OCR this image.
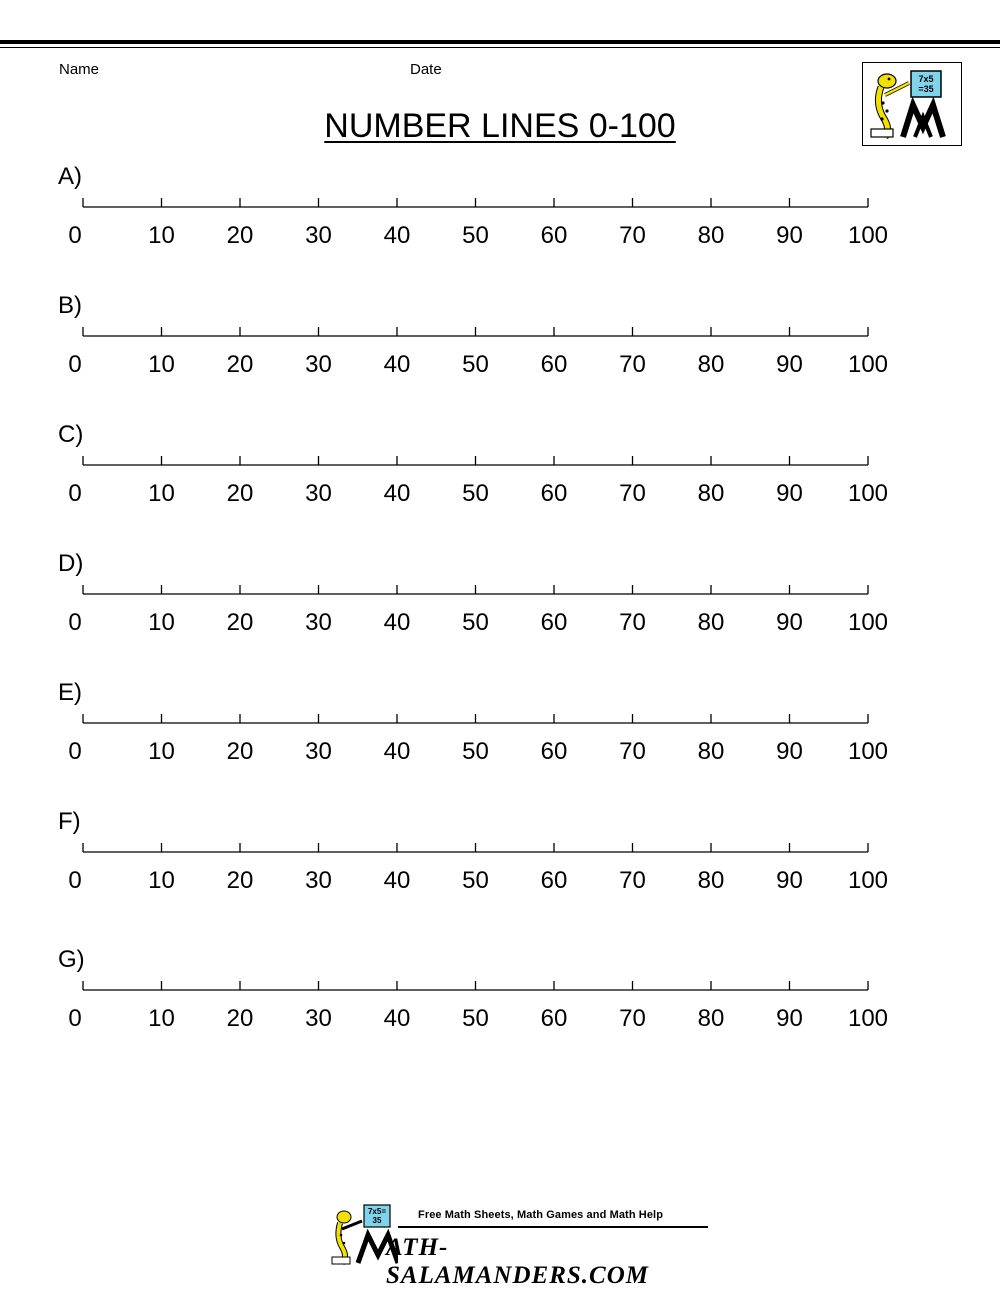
Name	Date
NUMBER LINES 0-100
7x5
=35
A)
0	10 20 30 40 50 60 70 80 90 100
B)
0	10 20 30 40 50 60 70 80 90 100
C)
0	10 20 30 40 50 60 70 80 90 100
D)
0	10 20 30 40 50 60 70 80 90 100
E)
0	10 20 30 40 50 60 70 80 90 100
F)
0	10 20 30 40 50 60 70 80 90 100
G)
0	10 20 30 40 50 60 70 80 90 100
7x5=
35	Free Math Sheets, Math Games and Math Help
ATH-SALAMANDERS.COM
